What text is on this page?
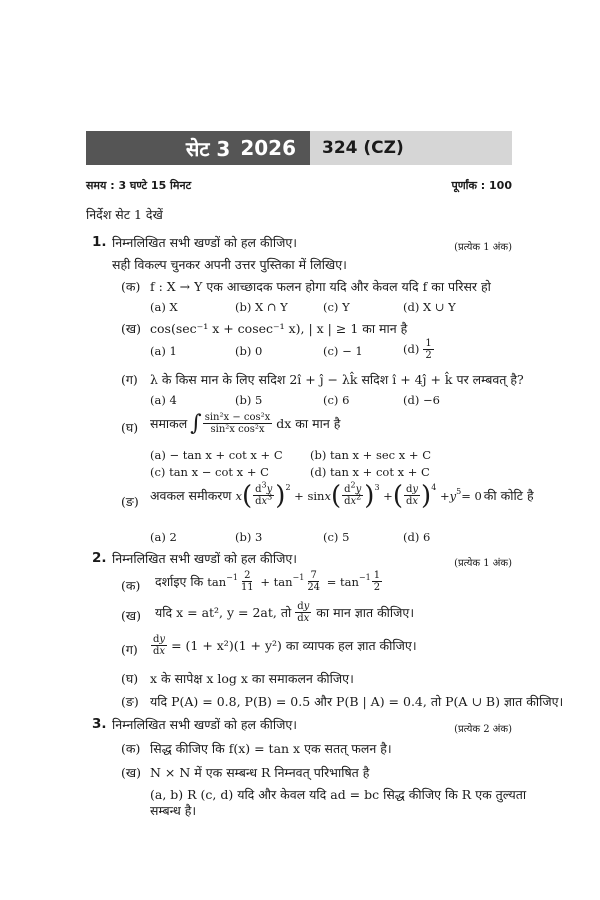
सेट 3 2026	324 (CZ)
समय : 3 घण्टे 15 मिनट	पूर्णांक : 100
निर्देश सेट 1 देखें
1. निम्नलिखित सभी खण्डों को हल कीजिए।	(प्रत्येक 1 अंक)
सही विकल्प चुनकर अपनी उत्तर पुस्तिका में लिखिए।
(क) f : X → Y एक आच्छादक फलन होगा यदि और केवल यदि f का परिसर हो
(a) X	(b) X ∩ Y	(c) Y	(d) X ∪ Y
(ख) cos(sec⁻¹ x + cosec⁻¹ x), | x | ≥ 1 का मान है
(a) 1	(b) 0	(c) − 1	$(d) \frac{1}{2}$
(ग) λ के किस मान के लिए सदिश 2î + ĵ − λk̂ सदिश î + 4ĵ + k̂ पर लम्बवत् है?
(a) 4	(b) 5	(c) 6	(d) −6
(घ) समाकल ∫ $\frac{\text{sin²x − cos²x}}{\text{sin²x cos²x}}$ dx का मान है
(a) − tan x + cot x + C (b) tan x + sec x + C
(c) tan x − cot x + C	(d) tan x + cot x + C
(ङ) अवकल समीकरण x ( $\frac{d^3y}{dx^3} )^2$
+ sin x ( $\frac{d^2y}{dx^2} )^3$
+ ( $\frac{dy}{dx} )^4$
+ $y^5 = 0$ की कोटि है
(a) 2	(b) 3	(c) 5	(d) 6
2. निम्नलिखित सभी खण्डों को हल कीजिए।	(प्रत्येक 1 अंक)
(क) दर्शाइए कि $\tan^{-1} \frac{2}{11} + \tan^{-1} \frac{7}{24} = \tan^{-1} \frac{1}{2}$
(ख) यदि x = at², y = 2at, तो $\frac{dy}{dx}$ का मान ज्ञात कीजिए।
(ग) $\frac{dy}{dx} = (1 + x^2)(1 + y^2)$ का व्यापक हल ज्ञात कीजिए।
(घ) x के सापेक्ष x log x का समाकलन कीजिए।
(ङ) यदि P(A) = 0.8, P(B) = 0.5 और P(B | A) = 0.4, तो P(A ∪ B) ज्ञात कीजिए।
3. निम्नलिखित सभी खण्डों को हल कीजिए।	(प्रत्येक 2 अंक)
(क) सिद्ध कीजिए कि f(x) = tan x एक सतत् फलन है।
(ख) N × N में एक सम्बन्ध R निम्नवत् परिभाषित है
(a, b) R (c, d) यदि और केवल यदि ad = bc सिद्ध कीजिए कि R एक तुल्यता
सम्बन्ध है।
